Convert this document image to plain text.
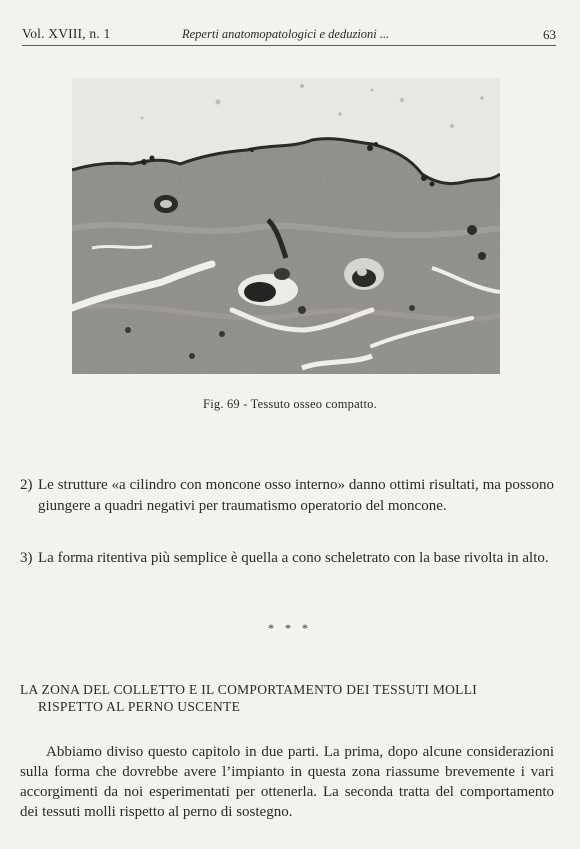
Vol. XVIII, n. 1	Reperti anatomopatologici e deduzioni ...	63
Fig. 69 - Tessuto osseo compatto.
2) Le strutture «a cilindro con moncone osso interno» danno ottimi risultati, ma possono giungere a quadri negativi per traumatismo operatorio del moncone.
3) La forma ritentiva più semplice è quella a cono scheletrato con la base rivolta in alto.
* * *
LA ZONA DEL COLLETTO E IL COMPORTAMENTO DEI TESSUTI MOLLI
RISPETTO AL PERNO USCENTE
Abbiamo diviso questo capitolo in due parti. La prima, dopo alcune considerazioni sulla forma che dovrebbe avere l’impianto in questa zona riassume brevemente i vari accorgimenti da noi esperimentati per ottenerla. La seconda tratta del comportamento dei tessuti molli rispetto al perno di sostegno.
